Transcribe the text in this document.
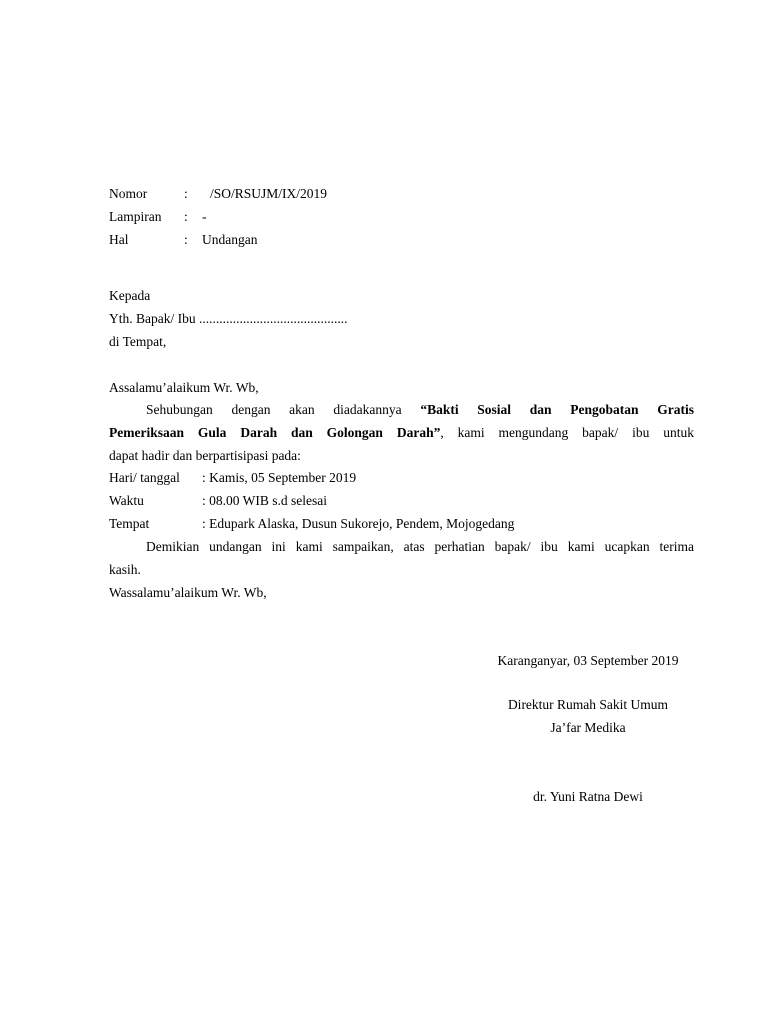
Nomor	: /SO/RSUJM/IX/2019
Lampiran : -
Hal	: Undangan
Kepada
Yth. Bapak/ Ibu ............................................
di Tempat,
Assalamu’alaikum Wr. Wb,
Sehubungan dengan akan diadakannya “Bakti Sosial dan Pengobatan Gratis
Pemeriksaan Gula Darah dan Golongan Darah”, kami mengundang bapak/ ibu untuk
dapat hadir dan berpartisipasi pada:
Hari/ tanggal : Kamis, 05 September 2019
Waktu	: 08.00 WIB s.d selesai
Tempat	: Edupark Alaska, Dusun Sukorejo, Pendem, Mojogedang
Demikian undangan ini kami sampaikan, atas perhatian bapak/ ibu kami ucapkan terima
kasih.
Wassalamu’alaikum Wr. Wb,
Karanganyar, 03 September 2019
Direktur Rumah Sakit Umum
Ja’far Medika
dr. Yuni Ratna Dewi
